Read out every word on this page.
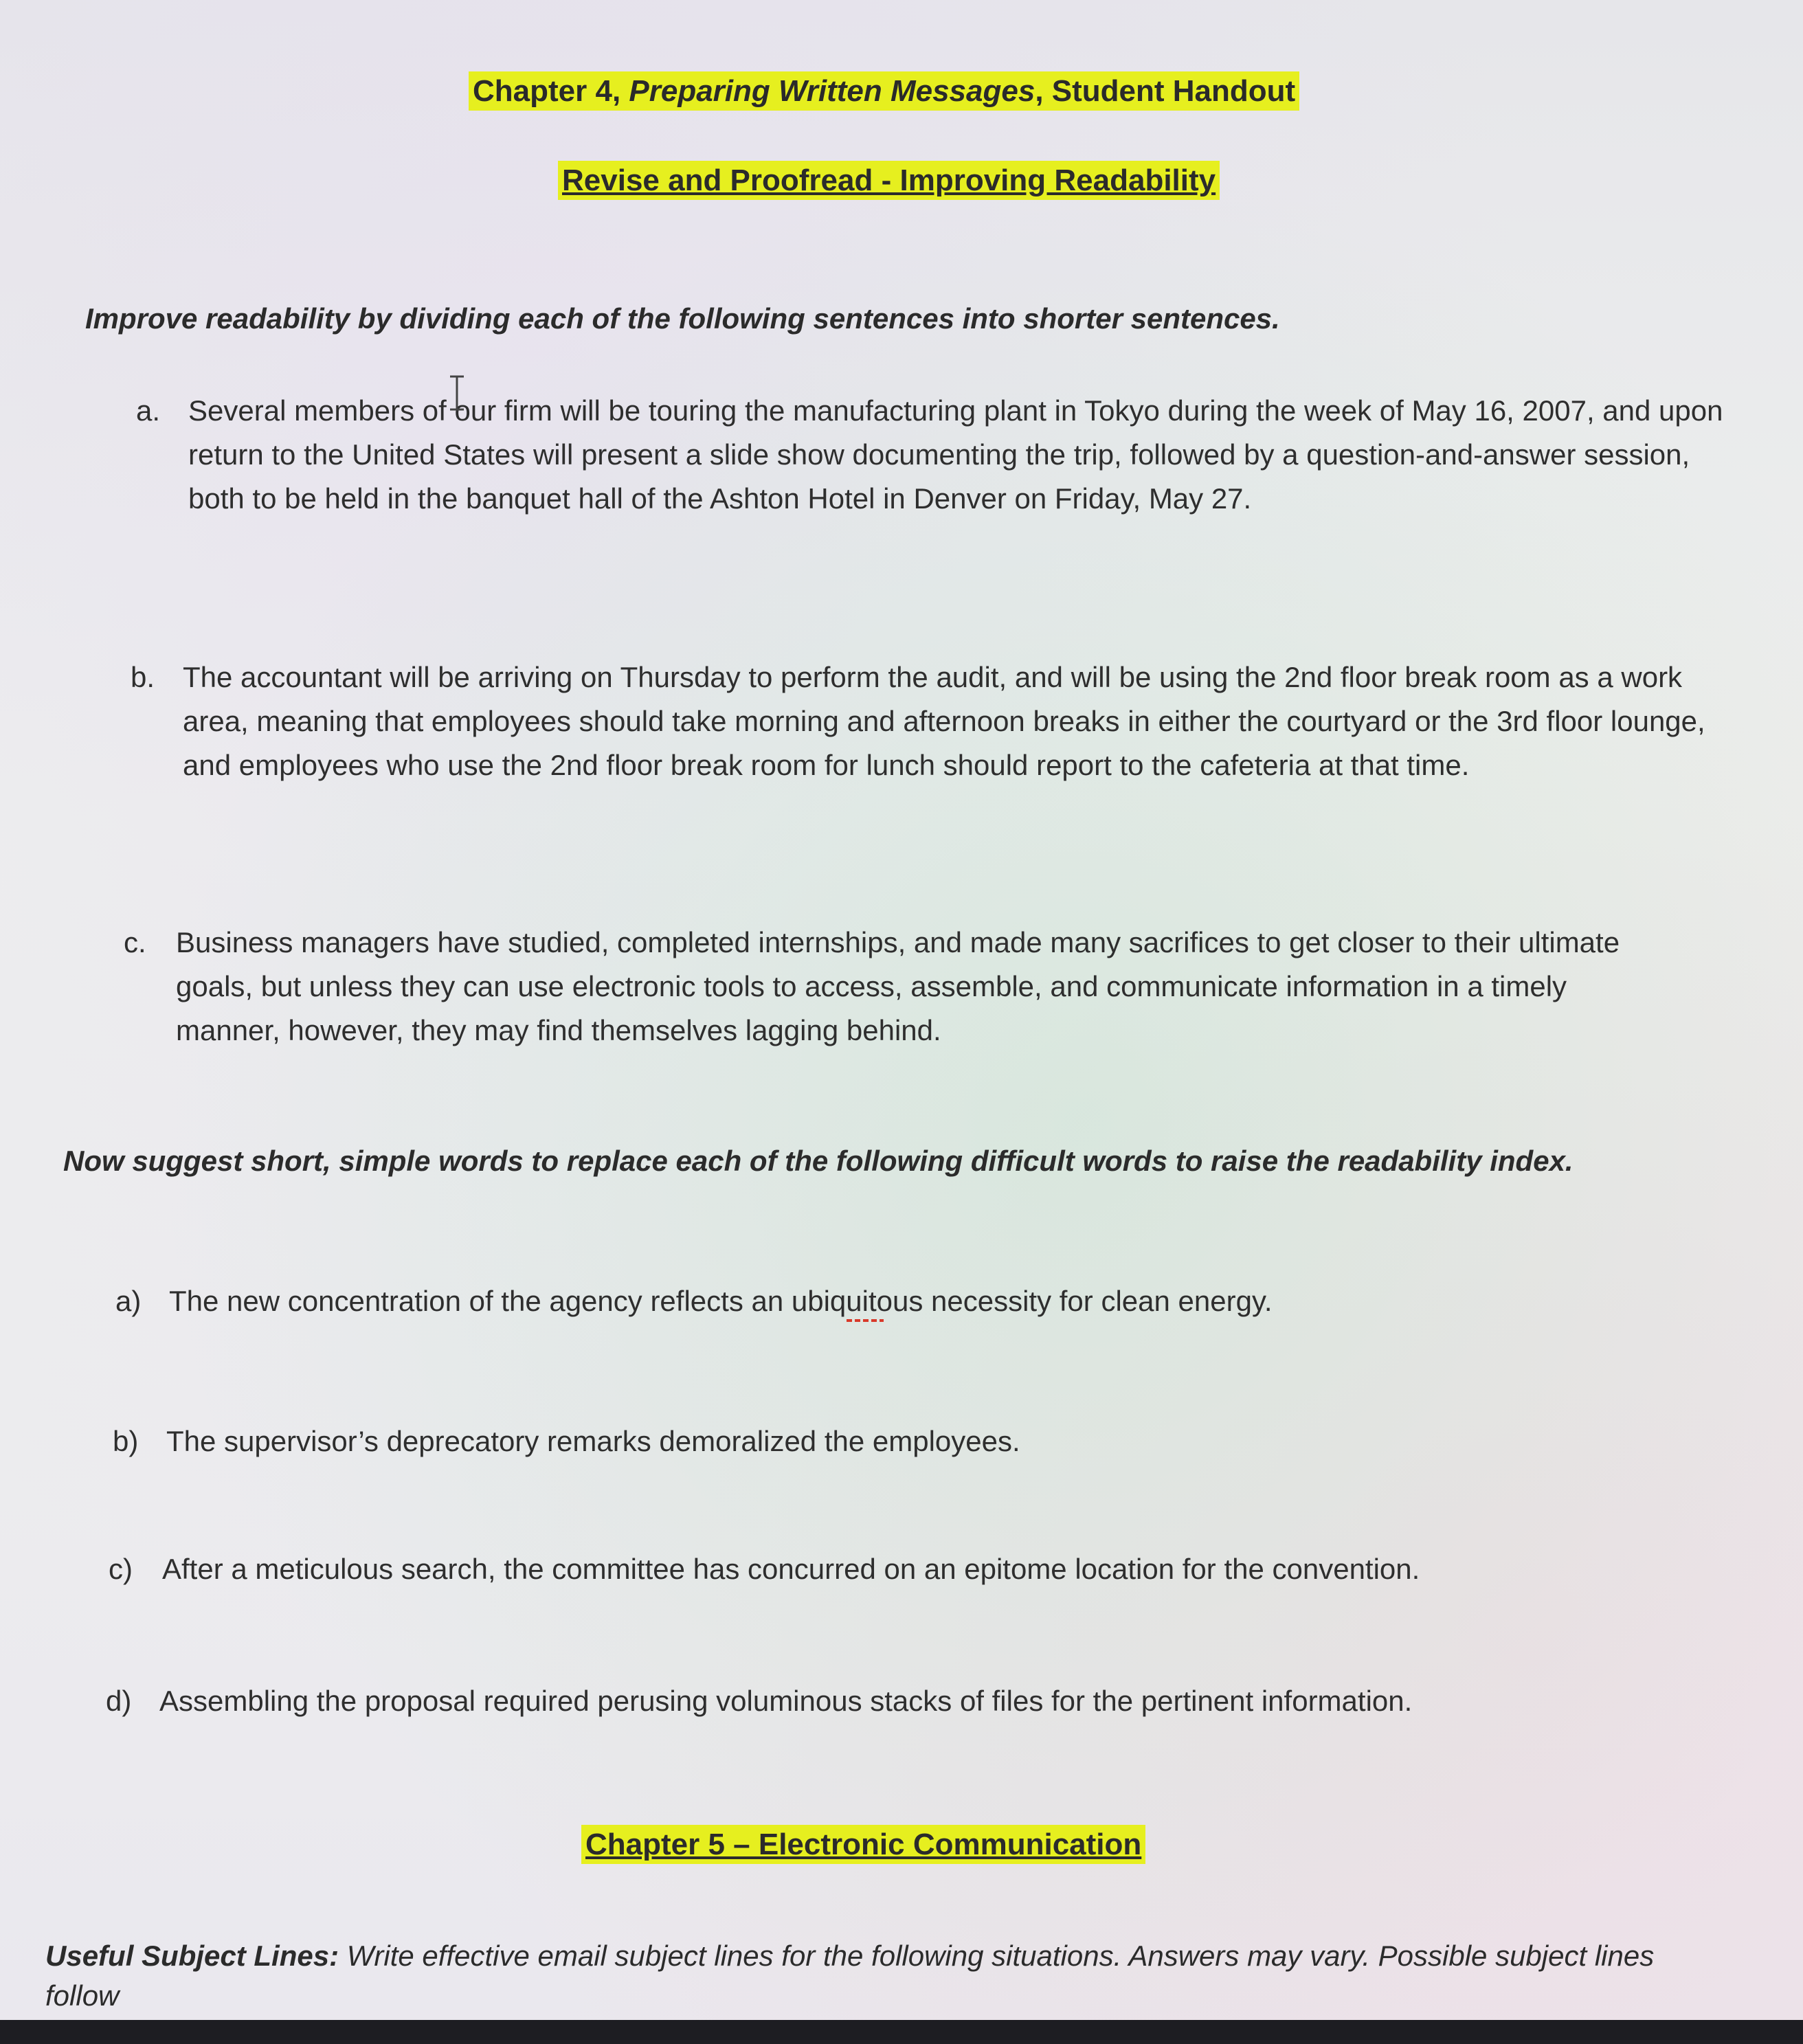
Chapter 4, Preparing Written Messages, Student Handout
Revise and Proofread - Improving Readability
Improve readability by dividing each of the following sentences into shorter sentences.
a. Several members of our firm will be touring the manufacturing plant in Tokyo during the week of May 16, 2007, and upon return to the United States will present a slide show documenting the trip, followed by a question-and-answer session, both to be held in the banquet hall of the Ashton Hotel in Denver on Friday, May 27.
b. The accountant will be arriving on Thursday to perform the audit, and will be using the 2nd floor break room as a work area, meaning that employees should take morning and afternoon breaks in either the courtyard or the 3rd floor lounge, and employees who use the 2nd floor break room for lunch should report to the cafeteria at that time.
c. Business managers have studied, completed internships, and made many sacrifices to get closer to their ultimate goals, but unless they can use electronic tools to access, assemble, and communicate information in a timely manner, however, they may find themselves lagging behind.
Now suggest short, simple words to replace each of the following difficult words to raise the readability index.
a) The new concentration of the agency reflects an ubiquitous necessity for clean energy.
b) The supervisor’s deprecatory remarks demoralized the employees.
c) After a meticulous search, the committee has concurred on an epitome location for the convention.
d) Assembling the proposal required perusing voluminous stacks of files for the pertinent information.
Chapter 5 – Electronic Communication
Useful Subject Lines: Write effective email subject lines for the following situations. Answers may vary. Possible subject lines follow
